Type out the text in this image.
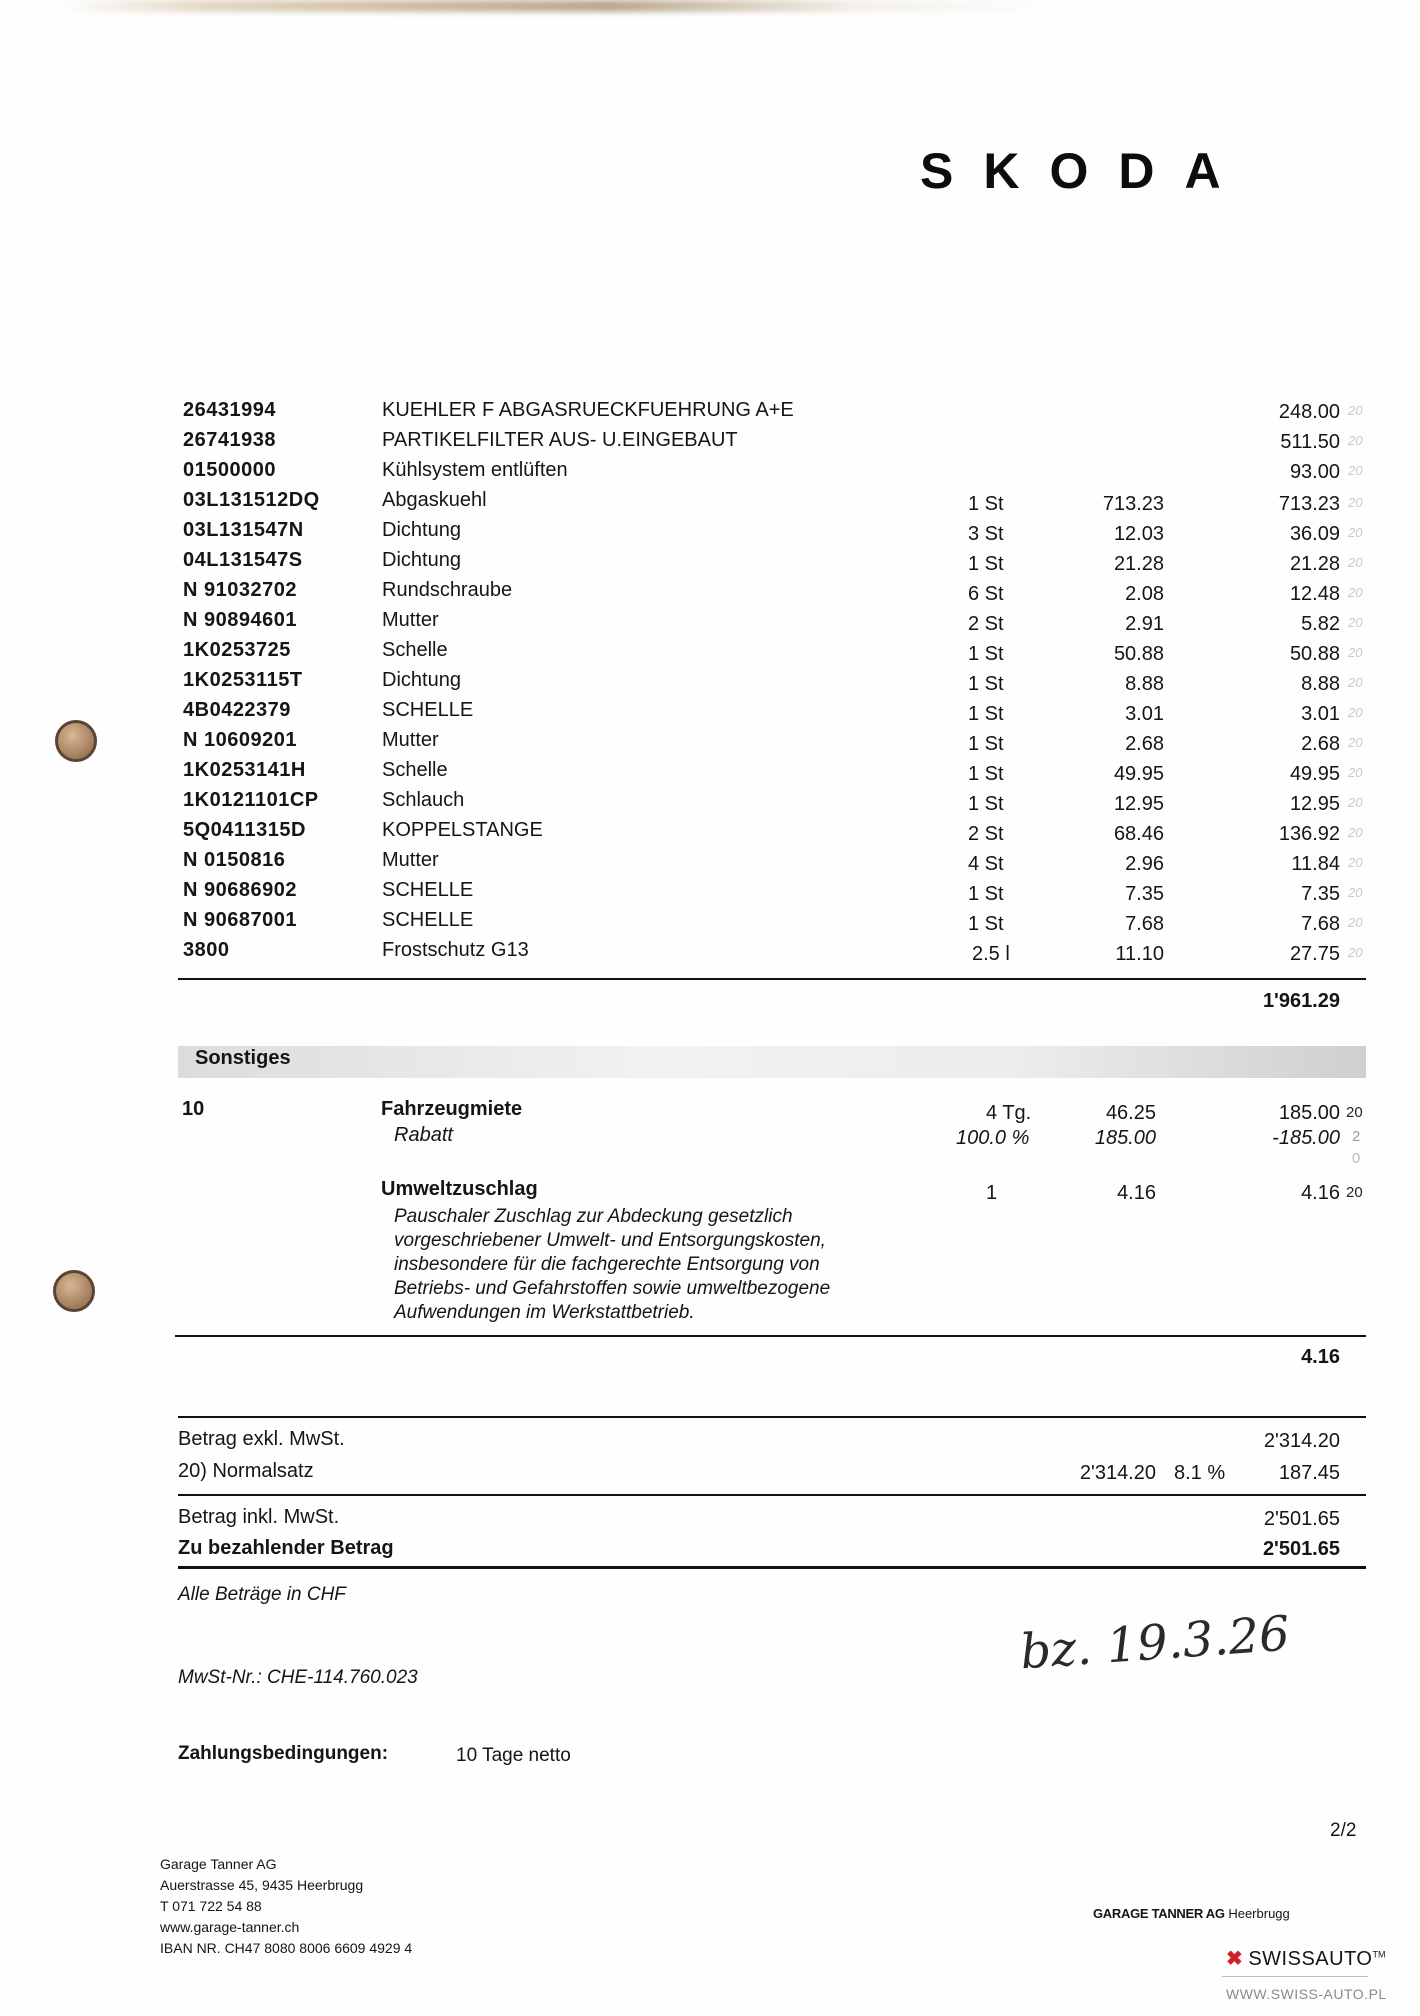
SKODA
26431994	KUEHLER F ABGASRUECKFUEHRUNG A+E	248.00 20
26741938	PARTIKELFILTER AUS- U.EINGEBAUT	511.50 20
01500000	Kühlsystem entlüften	93.00 20
03L131512DQ	Abgaskuehl	1 St	713.23	713.23 20
03L131547N	Dichtung	3 St	12.03	36.09 20
04L131547S	Dichtung	1 St	21.28	21.28 20
N 91032702	Rundschraube	6 St	2.08	12.48 20
N 90894601	Mutter	2 St	2.91	5.82 20
1K0253725	Schelle	1 St	50.88	50.88 20
1K0253115T	Dichtung	1 St	8.88	8.88 20
4B0422379	SCHELLE	1 St	3.01	3.01 20
N 10609201	Mutter	1 St	2.68	2.68 20
1K0253141H	Schelle	1 St	49.95	49.95 20
1K0121101CP	Schlauch	1 St	12.95	12.95 20
5Q0411315D	KOPPELSTANGE	2 St	68.46	136.92 20
N 0150816	Mutter	4 St	2.96	11.84 20
N 90686902	SCHELLE	1 St	7.35	7.35 20
N 90687001	SCHELLE	1 St	7.68	7.68 20
3800	Frostschutz G13	2.5 l	11.10	27.75 20
1'961.29
Sonstiges
10	Fahrzeugmiete	4 Tg.	46.25	185.00 20
Rabatt	100.0 %	185.00	-185.00 2
0
Umweltzuschlag	1	4.16	4.16 20
Pauschaler Zuschlag zur Abdeckung gesetzlich
vorgeschriebener Umwelt- und Entsorgungskosten,
insbesondere für die fachgerechte Entsorgung von
Betriebs- und Gefahrstoffen sowie umweltbezogene
Aufwendungen im Werkstattbetrieb.
4.16
Betrag exkl. MwSt.	2'314.20
20) Normalsatz	2'314.20 8.1 %	187.45
Betrag inkl. MwSt.	2'501.65
Zu bezahlender Betrag	2'501.65
Alle Beträge in CHF
MwSt-Nr.: CHE-114.760.023	bz. 19.3.26
Zahlungsbedingungen:	10 Tage netto
2/2
Garage Tanner AG
Auerstrasse 45, 9435 Heerbrugg
T 071 722 54 88
www.garage-tanner.ch
IBAN NR. CH47 8080 8006 6609 4929 4
GARAGE TANNER AG Heerbrugg
✖ SWISSAUTO™
WWW.SWISS-AUTO.PL
